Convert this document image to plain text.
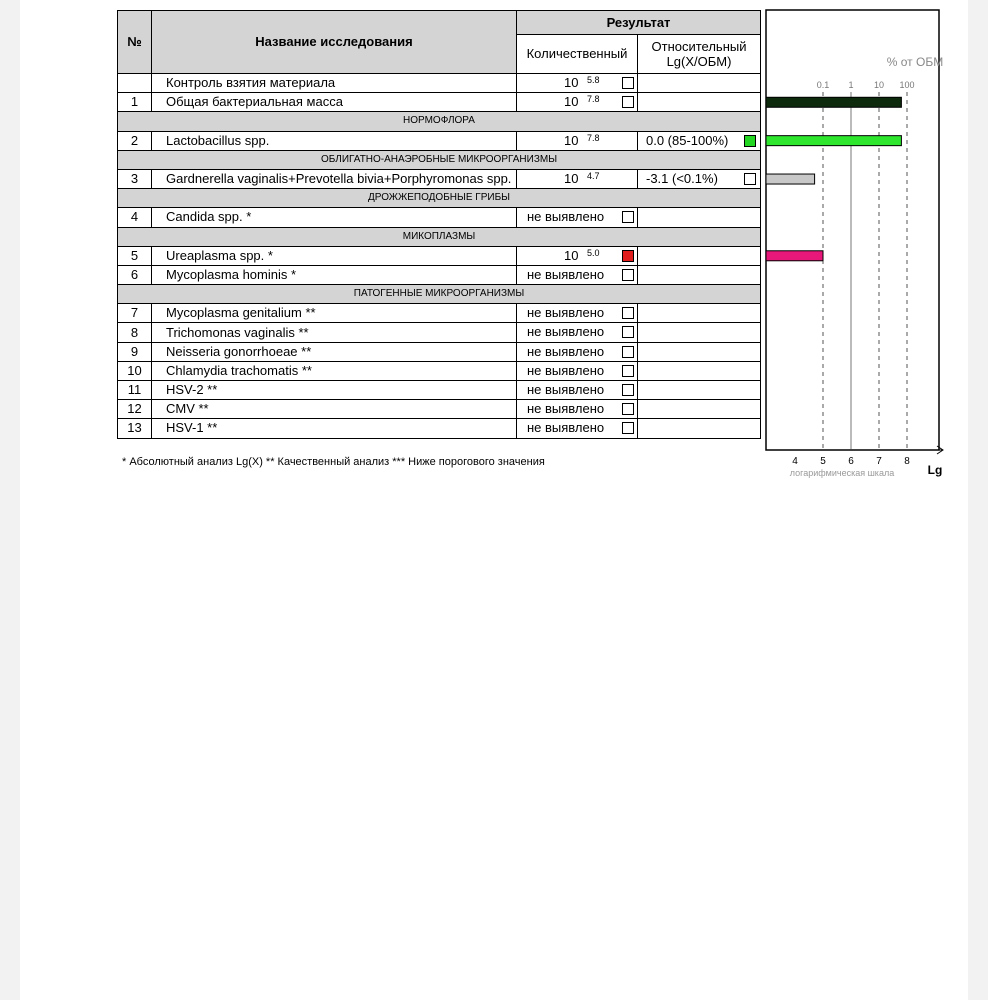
№	Название исследования	Результат	
		Количественный	Относительный
Lg(X/ОБМ)
	Контроль взятия материала	10 5.8	

1	Общая бактериальная масса	10 7.8	

НОРМОФЛОРА			
2	Lactobacillus spp.	10 7.8	0.0 (85-100%)

ОБЛИГАТНО-АНАЭРОБНЫЕ МИКРООРГАНИЗМЫ			
3	Gardnerella vaginalis+Prevotella bivia+Porphyromonas spp.	10 4.7	-3.1 (<0.1%)

ДРОЖЖЕПОДОБНЫЕ ГРИБЫ			
4	Candida spp. *	не выявлено	

МИКОПЛАЗМЫ			
5	Ureaplasma spp. *	10 5.0	

6	Mycoplasma hominis *	не выявлено	

ПАТОГЕННЫЕ МИКРООРГАНИЗМЫ			
7	Mycoplasma genitalium **	не выявлено	

8	Trichomonas vaginalis **	не выявлено	

9	Neisseria gonorrhoeae **	не выявлено	

10	Chlamydia trachomatis **	не выявлено	

11	HSV-2 **	не выявлено	

12	CMV **	не выявлено	

13	HSV-1 **	не выявлено	

* Абсолютный анализ Lg(X) ** Качественный анализ *** Ниже порогового значения
% от ОБМ
0.1 1 10 100
4 5 6 7 8
логарифмическая шкала	Lg
